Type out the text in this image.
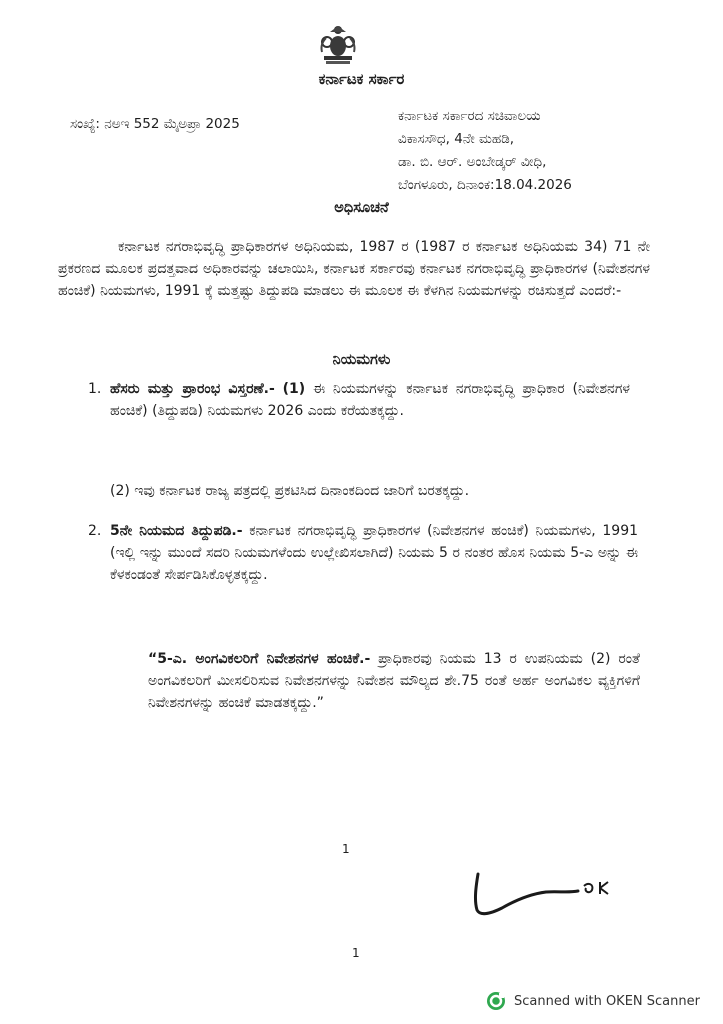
ಕರ್ನಾಟಕ ಸರ್ಕಾರ
ಸಂಖ್ಯೆ: ನಅಇ 552 ಮೈಅಪ್ರಾ 2025	ಕರ್ನಾಟಕ ಸರ್ಕಾರದ ಸಚಿವಾಲಯ
ವಿಕಾಸಸೌಧ, 4ನೇ ಮಹಡಿ,
ಡಾ. ಬಿ. ಆರ್. ಅಂಬೇಡ್ಕರ್ ವೀಧಿ,
ಬೆಂಗಳೂರು, ದಿನಾಂಕ:18.04.2026
ಅಧಿಸೂಚನೆ
ಕರ್ನಾಟಕ ನಗರಾಭಿವೃದ್ಧಿ ಪ್ರಾಧಿಕಾರಗಳ ಅಧಿನಿಯಮ, 1987 ರ (1987 ರ ಕರ್ನಾಟಕ ಅಧಿನಿಯಮ 34) 71 ನೇ ಪ್ರಕರಣದ ಮೂಲಕ ಪ್ರದತ್ತವಾದ ಅಧಿಕಾರವನ್ನು ಚಲಾಯಿಸಿ, ಕರ್ನಾಟಕ ಸರ್ಕಾರವು ಕರ್ನಾಟಕ ನಗರಾಭಿವೃದ್ಧಿ ಪ್ರಾಧಿಕಾರಗಳ (ನಿವೇಶನಗಳ ಹಂಚಿಕೆ) ನಿಯಮಗಳು, 1991 ಕ್ಕೆ ಮತ್ತಷ್ಟು ತಿದ್ದುಪಡಿ ಮಾಡಲು ಈ ಮೂಲಕ ಈ ಕೆಳಗಿನ ನಿಯಮಗಳನ್ನು ರಚಿಸುತ್ತದೆ ಎಂದರೆ:-
ನಿಯಮಗಳು
1. ಹೆಸರು ಮತ್ತು ಪ್ರಾರಂಭ ವಿಸ್ತರಣೆ.- (1) ಈ ನಿಯಮಗಳನ್ನು ಕರ್ನಾಟಕ ನಗರಾಭಿವೃದ್ಧಿ ಪ್ರಾಧಿಕಾರ (ನಿವೇಶನಗಳ ಹಂಚಿಕೆ) (ತಿದ್ದುಪಡಿ) ನಿಯಮಗಳು 2026 ಎಂದು ಕರೆಯತಕ್ಕದ್ದು.
(2) ಇವು ಕರ್ನಾಟಕ ರಾಜ್ಯ ಪತ್ರದಲ್ಲಿ ಪ್ರಕಟಿಸಿದ ದಿನಾಂಕದಿಂದ ಜಾರಿಗೆ ಬರತಕ್ಕದ್ದು.
2. 5ನೇ ನಿಯಮದ ತಿದ್ದುಪಡಿ.- ಕರ್ನಾಟಕ ನಗರಾಭಿವೃದ್ಧಿ ಪ್ರಾಧಿಕಾರಗಳ (ನಿವೇಶನಗಳ ಹಂಚಿಕೆ) ನಿಯಮಗಳು, 1991 (ಇಲ್ಲಿ ಇನ್ನು ಮುಂದೆ ಸದರಿ ನಿಯಮಗಳೆಂದು ಉಲ್ಲೇಖಿಸಲಾಗಿದೆ) ನಿಯಮ 5 ರ ನಂತರ ಹೊಸ ನಿಯಮ 5-ಎ ಅನ್ನು ಈ ಕೆಳಕಂಡಂತೆ ಸೇರ್ಪಡಿಸಿಕೊಳ್ಳತಕ್ಕದ್ದು.
“5-ಎ. ಅಂಗವಿಕಲರಿಗೆ ನಿವೇಶನಗಳ ಹಂಚಿಕೆ.- ಪ್ರಾಧಿಕಾರವು ನಿಯಮ 13 ರ ಉಪನಿಯಮ (2) ರಂತೆ ಅಂಗವಿಕಲರಿಗೆ ಮೀಸಲಿರಿಸುವ ನಿವೇಶನಗಳನ್ನು ನಿವೇಶನ ಮೌಲ್ಯದ ಶೇ.75 ರಂತೆ ಅರ್ಹ ಅಂಗವಿಕಲ ವ್ಯಕ್ತಿಗಳಿಗೆ ನಿವೇಶನಗಳನ್ನು ಹಂಚಿಕೆ ಮಾಡತಕ್ಕದ್ದು.”
1
1
Scanned with OKEN Scanner
